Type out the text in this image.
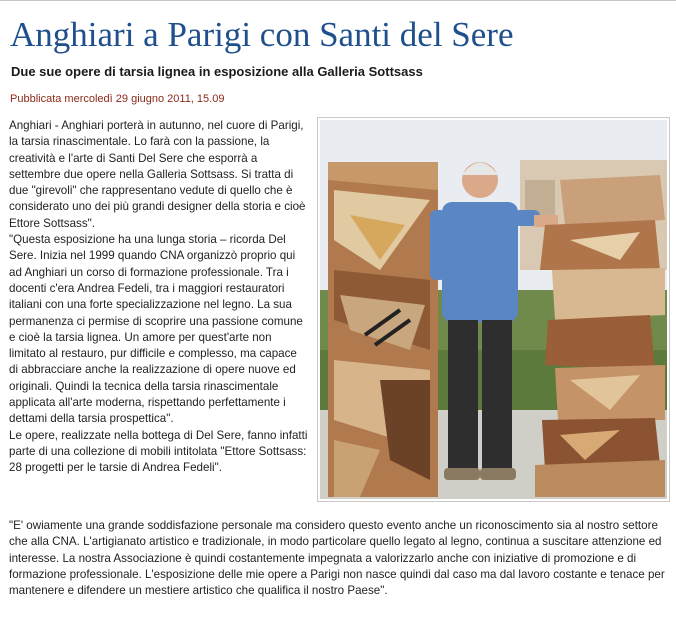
Anghiari a Parigi con Santi del Sere
Due sue opere di tarsia lignea in esposizione alla Galleria Sottsass
Pubblicata mercoledì 29 giugno 2011, 15.09

Anghiari - Anghiari porterà in autunno, nel cuore di Parigi, la tarsia rinascimentale. Lo farà con la passione, la creatività e l'arte di Santi Del Sere che esporrà a settembre due opere nella Galleria Sottsass. Si tratta di due "girevoli" che rappresentano vedute di quello che è considerato uno dei più grandi designer della storia e cioè Ettore Sottsass".

"Questa esposizione ha una lunga storia – ricorda Del Sere. Inizia nel 1999 quando CNA organizzò proprio qui ad Anghiari un corso di formazione professionale. Tra i docenti c'era Andrea Fedeli, tra i maggiori restauratori italiani con una forte specializzazione nel legno. La sua permanenza ci permise di scoprire una passione comune e cioè la tarsia lignea. Un amore per quest'arte non limitato al restauro, pur difficile e complesso, ma capace di abbracciare anche la realizzazione di opere nuove ed originali. Quindi la tecnica della tarsia rinascimentale applicata all'arte moderna, rispettando perfettamente i dettami della tarsia prospettica".

Le opere, realizzate nella bottega di Del Sere, fanno infatti parte di una collezione di mobili intitolata "Ettore Sottsass: 28 progetti per le tarsie di Andrea Fedeli".

"E' owiamente una grande soddisfazione personale ma considero questo evento anche un riconoscimento sia al nostro settore che alla CNA. L'artigianato artistico e tradizionale, in modo particolare quello legato al legno, continua a suscitare attenzione ed interesse. La nostra Associazione è quindi costantemente impegnata a valorizzarlo anche con iniziative di promozione e di formazione professionale. L'esposizione delle mie opere a Parigi non nasce quindi dal caso ma dal lavoro costante e tenace per mantenere e difendere un mestiere artistico che qualifica il nostro Paese".
